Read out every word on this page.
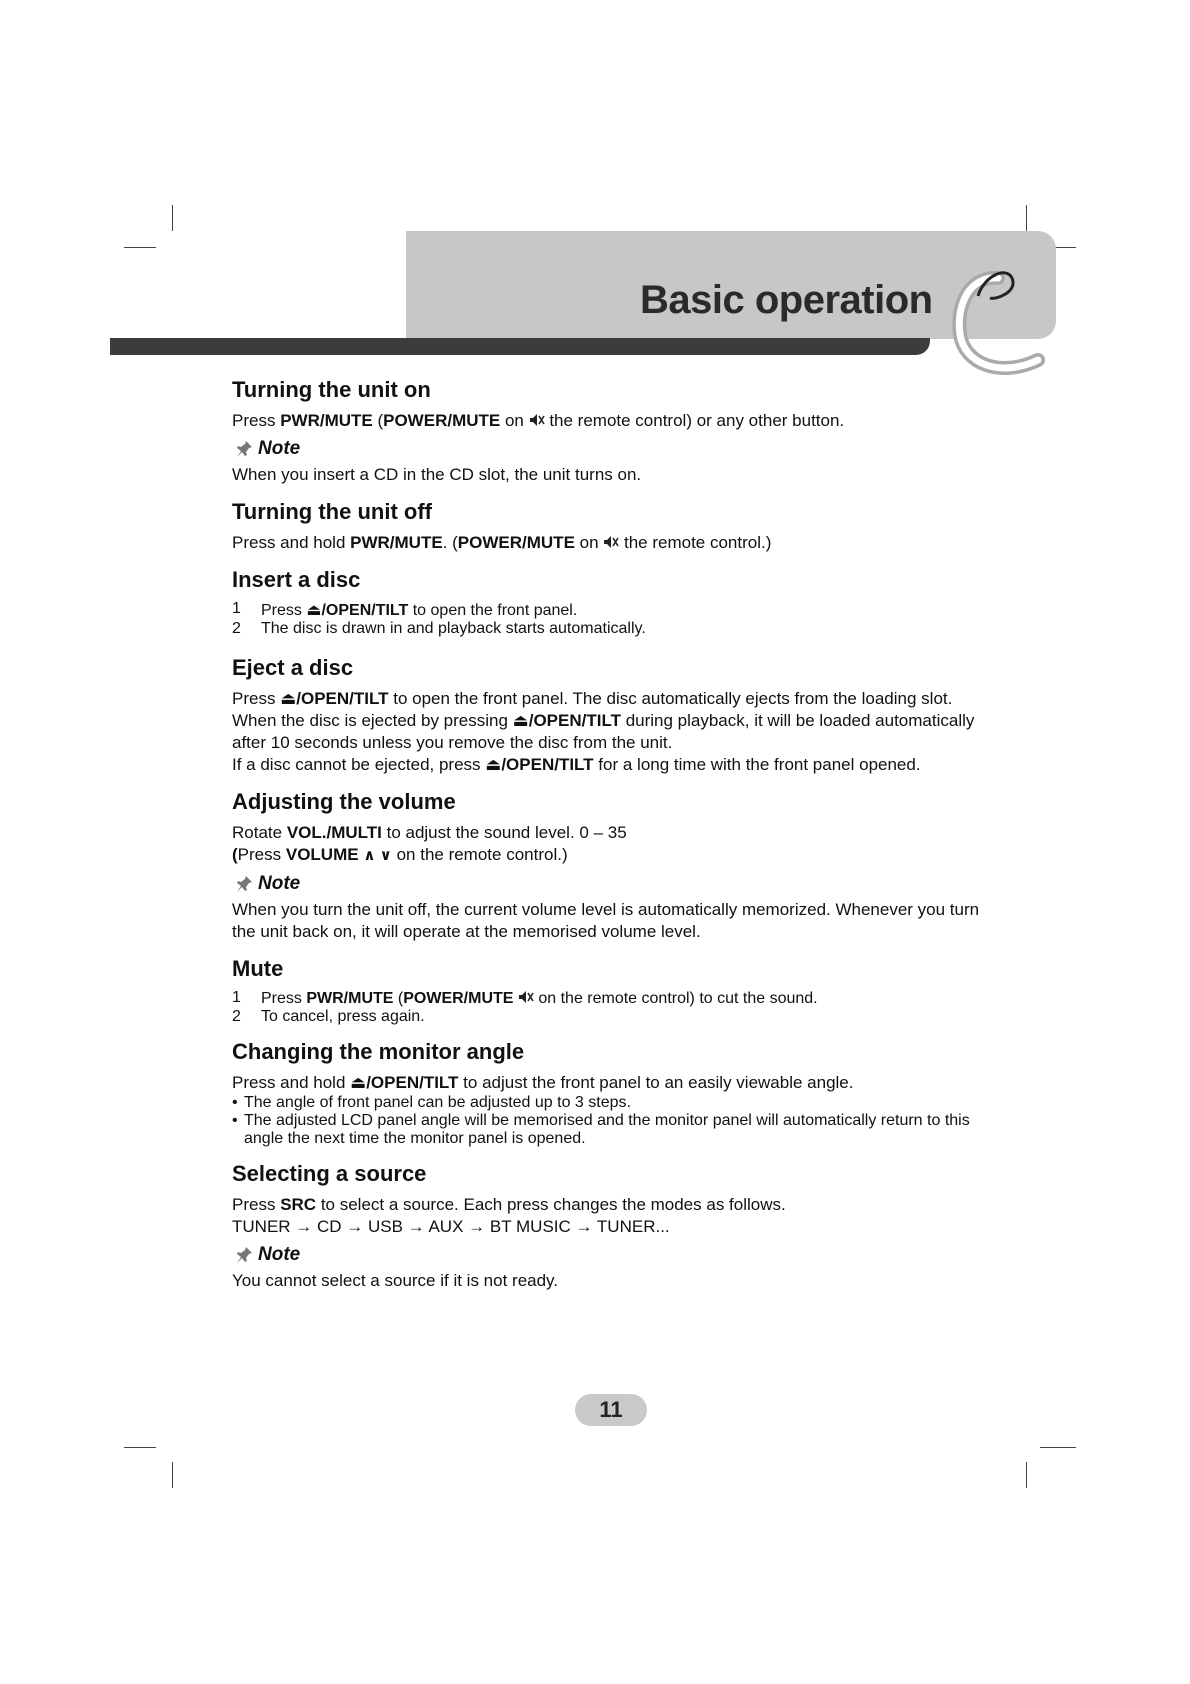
Basic operation
Turning the unit on

Press PWR/MUTE (POWER/MUTE on  the remote control) or any other button.

Note

When you insert a CD in the CD slot, the unit turns on.

Turning the unit off

Press and hold PWR/MUTE. (POWER/MUTE on  the remote control.)

Insert a disc
1	Press ⏏/OPEN/TILT to open the front panel.
2	The disc is drawn in and playback starts automatically.
Eject a disc

Press ⏏/OPEN/TILT to open the front panel. The disc automatically ejects from the loading slot.

When the disc is ejected by pressing ⏏/OPEN/TILT during playback, it will be loaded automatically after 10 seconds unless you remove the disc from the unit.

If a disc cannot be ejected, press ⏏/OPEN/TILT for a long time with the front panel opened.

Adjusting the volume

Rotate VOL./MULTI to adjust the sound level. 0 – 35

(Press VOLUME ∧ ∨ on the remote control.)

Note

When you turn the unit off, the current volume level is automatically memorized. Whenever you turn the unit back on, it will operate at the memorised volume level.

Mute
1	Press PWR/MUTE (POWER/MUTE  on the remote control) to cut the sound.
2	To cancel, press again.
Changing the monitor angle

Press and hold ⏏/OPEN/TILT to adjust the front panel to an easily viewable angle.

• The angle of front panel can be adjusted up to 3 steps.
• The adjusted LCD panel angle will be memorised and the monitor panel will automatically return to this angle the next time the monitor panel is opened.
Selecting a source

Press SRC to select a source. Each press changes the modes as follows.

TUNER → CD → USB → AUX → BT MUSIC → TUNER...

Note

You cannot select a source if it is not ready.

11
